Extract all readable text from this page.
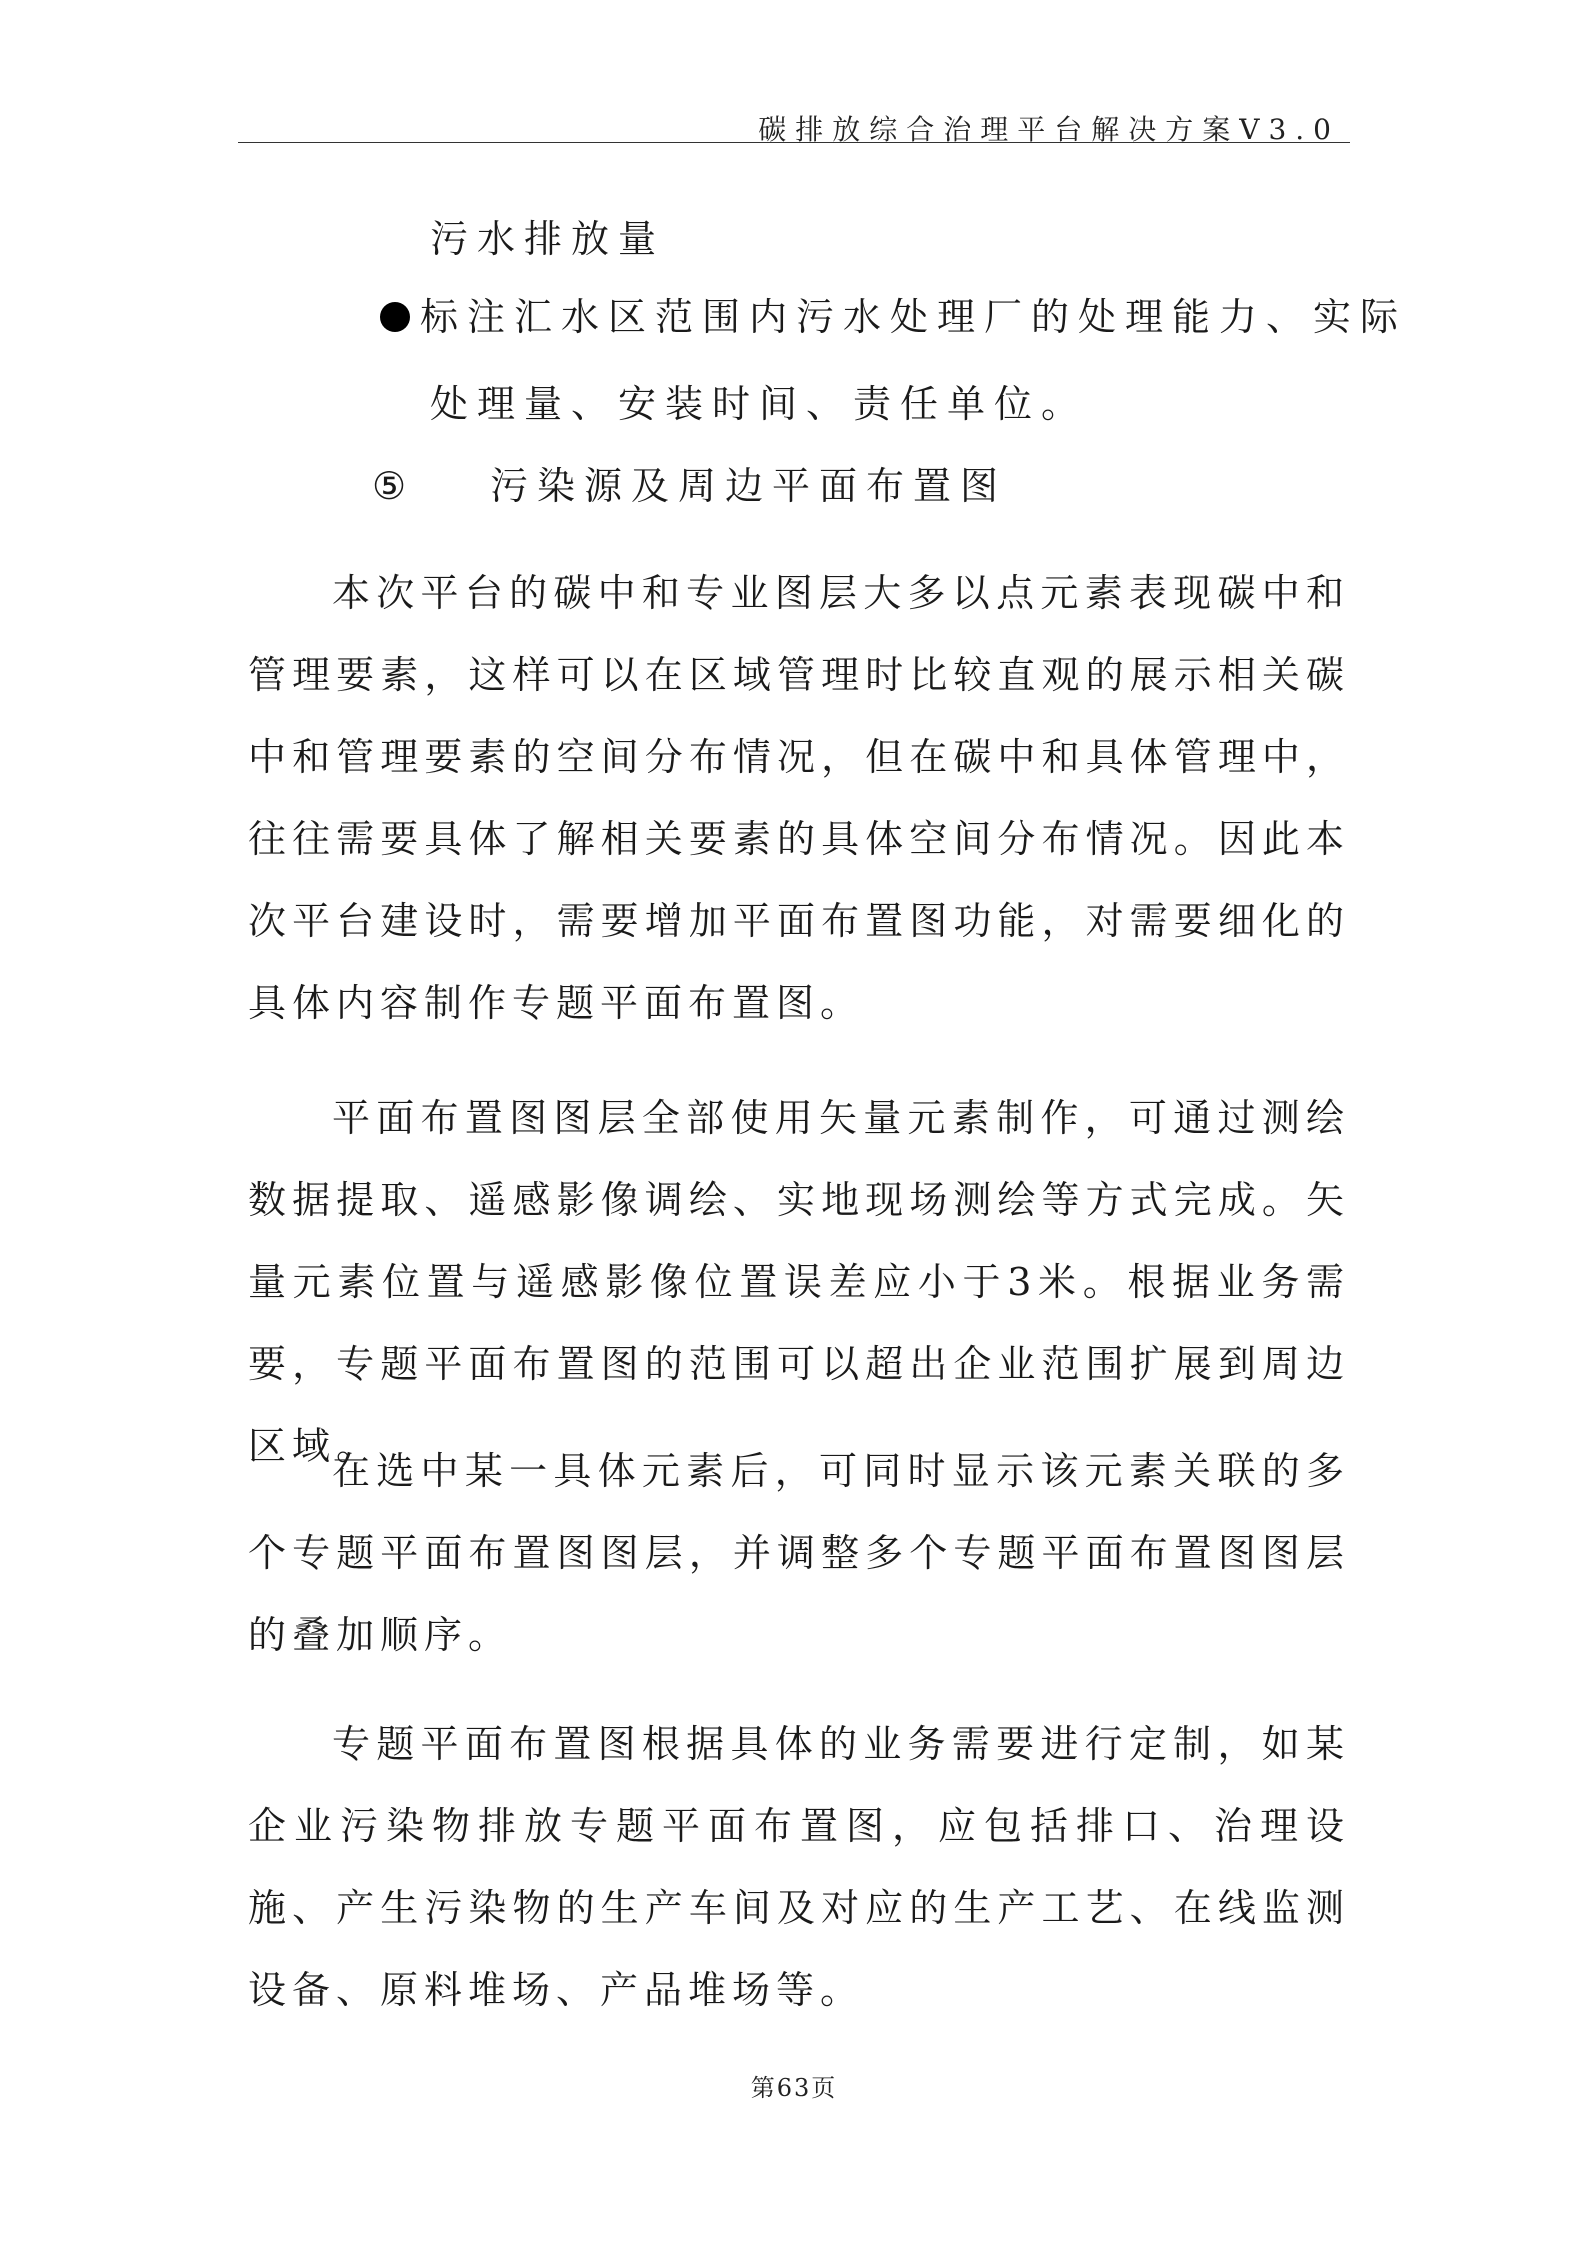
碳排放综合治理平台解决方案V3.0
污水排放量
标注汇水区范围内污水处理厂的处理能力、实际
处理量、安装时间、责任单位。
⑤ 污染源及周边平面布置图

本次平台的碳中和专业图层大多以点元素表现碳中和管理要素，这样可以在区域管理时比较直观的展示相关碳中和管理要素的空间分布情况，但在碳中和具体管理中，往往需要具体了解相关要素的具体空间分布情况。因此本次平台建设时，需要增加平面布置图功能，对需要细化的具体内容制作专题平面布置图。

平面布置图图层全部使用矢量元素制作，可通过测绘数据提取、遥感影像调绘、实地现场测绘等方式完成。矢量元素位置与遥感影像位置误差应小于3米。根据业务需要，专题平面布置图的范围可以超出企业范围扩展到周边区域。

在选中某一具体元素后，可同时显示该元素关联的多个专题平面布置图图层，并调整多个专题平面布置图图层的叠加顺序。

专题平面布置图根据具体的业务需要进行定制，如某企业污染物排放专题平面布置图，应包括排口、治理设施、产生污染物的生产车间及对应的生产工艺、在线监测设备、原料堆场、产品堆场等。

第63页
